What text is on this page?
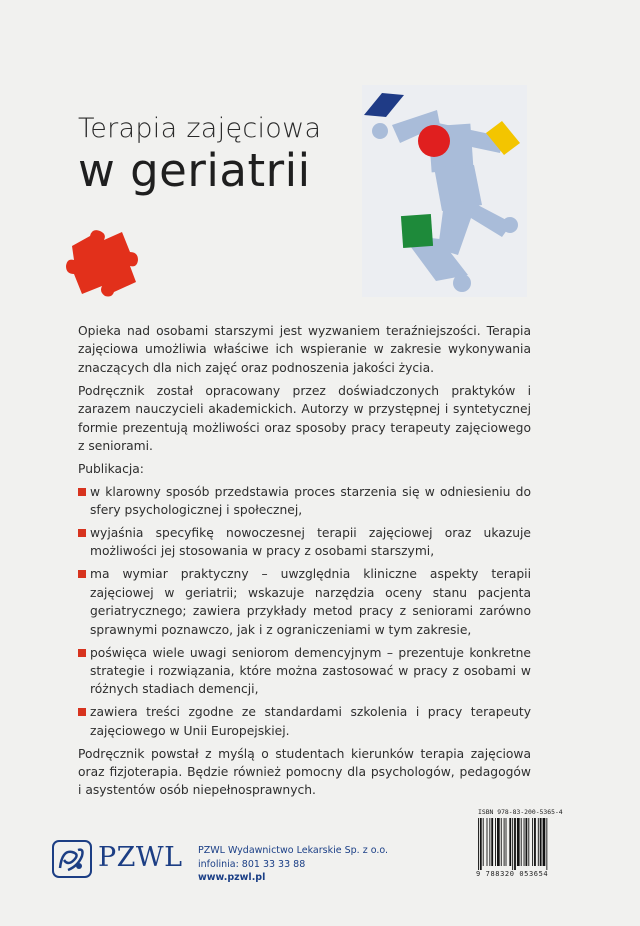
Terapia zajęciowa
w geriatrii

Opieka nad osobami starszymi jest wyzwaniem teraźniejszości. Terapia zajęciowa umożliwia właściwe ich wspieranie w zakresie wykonywania znaczących dla nich zajęć oraz podnoszenia jakości życia.

Podręcznik został opracowany przez doświadczonych praktyków i zarazem nauczycieli akademickich. Autorzy w przystępnej i syntetycznej formie prezentują możliwości oraz sposoby pracy terapeuty zajęciowego z seniorami.

Publikacja:

w klarowny sposób przedstawia proces starzenia się w odniesieniu do sfery psychologicznej i społecznej,
wyjaśnia specyfikę nowoczesnej terapii zajęciowej oraz ukazuje możliwości jej stosowania w pracy z osobami starszymi,
ma wymiar praktyczny – uwzględnia kliniczne aspekty terapii zajęciowej w geriatrii; wskazuje narzędzia oceny stanu pacjenta geriatrycznego; zawiera przykłady metod pracy z seniorami zarówno sprawnymi poznawczo, jak i z ograniczeniami w tym zakresie,
poświęca wiele uwagi seniorom demencyjnym – prezentuje konkretne strategie i rozwiązania, które można zastosować w pracy z osobami w różnych stadiach demencji,
zawiera treści zgodne ze standardami szkolenia i pracy terapeuty zajęciowego w Unii Europejskiej.

Podręcznik powstał z myślą o studentach kierunków terapia zajęciowa oraz fizjoterapia. Będzie również pomocny dla psychologów, pedagogów i asystentów osób niepełnosprawnych.

ISBN 978-83-200-5365-4
9 788320 053654
PZWL PZWL Wydawnictwo Lekarskie Sp. z o.o.
infolinia: 801 33 33 88
www.pzwl.pl
